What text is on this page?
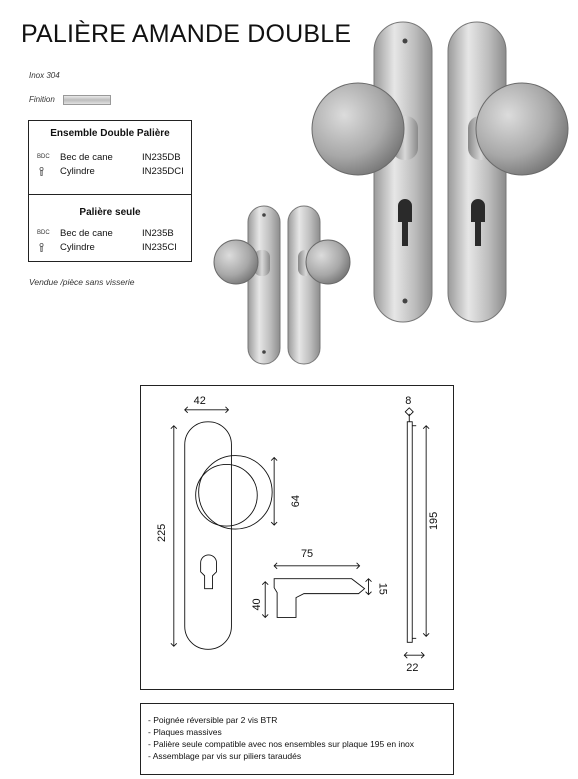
PALIÈRE AMANDE DOUBLE
Inox 304
Finition
Ensemble Double Palière
BDC Bec de cane	IN235DB
Cylindre	IN235DCI
Palière seule
BDC Bec de cane	IN235B
Cylindre	IN235CI
Vendue /pièce sans visserie
42
225
64
75
15
40
8
195
22
- Poignée réversible par 2 vis BTR
- Plaques massives
- Palière seule compatible avec nos ensembles sur plaque 195 en inox
- Assemblage par vis sur piliers taraudés
